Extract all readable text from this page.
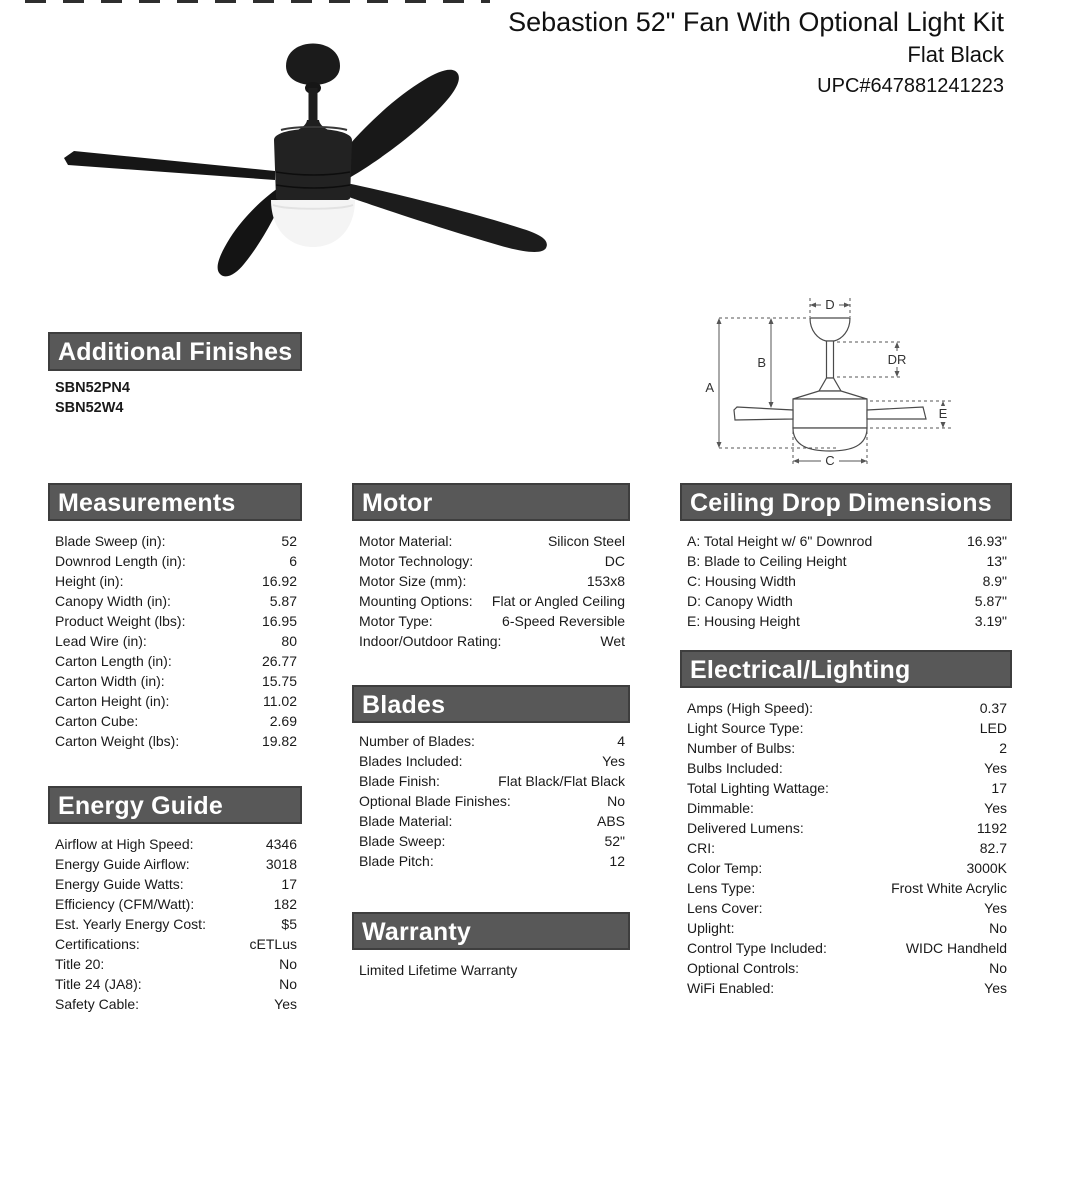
Sebastion 52" Fan With Optional Light Kit
Flat Black
UPC#647881241223
A
B
D
DR
E
C
Additional Finishes
SBN52PN4
SBN52W4
Measurements
Blade Sweep (in):	52
Downrod Length (in):	6
Height (in):	16.92
Canopy Width (in):	5.87
Product Weight (lbs):	16.95
Lead Wire (in):	80
Carton Length (in):	26.77
Carton Width (in):	15.75
Carton Height (in):	11.02
Carton Cube:	2.69
Carton Weight (lbs):	19.82
Energy Guide
Airflow at High Speed:	4346
Energy Guide Airflow:	3018
Energy Guide Watts:	17
Efficiency (CFM/Watt):	182
Est. Yearly Energy Cost:	$5
Certifications:	cETLus
Title 20:	No
Title 24 (JA8):	No
Safety Cable:	Yes
Motor
Motor Material:	Silicon Steel
Motor Technology:	DC
Motor Size (mm):	153x8
Mounting Options:	Flat or Angled Ceiling
Motor Type:	6-Speed Reversible
Indoor/Outdoor Rating:	Wet
Blades
Number of Blades:	4
Blades Included:	Yes
Blade Finish:	Flat Black/Flat Black
Optional Blade Finishes:	No
Blade Material:	ABS
Blade Sweep:	52"
Blade Pitch:	12
Warranty
Limited Lifetime Warranty
Ceiling Drop Dimensions
A: Total Height w/ 6" Downrod	16.93"
B: Blade to Ceiling Height	13"
C: Housing Width	8.9"
D: Canopy Width	5.87"
E: Housing Height	3.19"
Electrical/Lighting
Amps (High Speed):	0.37
Light Source Type:	LED
Number of Bulbs:	2
Bulbs Included:	Yes
Total Lighting Wattage:	17
Dimmable:	Yes
Delivered Lumens:	1192
CRI:	82.7
Color Temp:	3000K
Lens Type:	Frost White Acrylic
Lens Cover:	Yes
Uplight:	No
Control Type Included:	WIDC Handheld
Optional Controls:	No
WiFi Enabled:	Yes
